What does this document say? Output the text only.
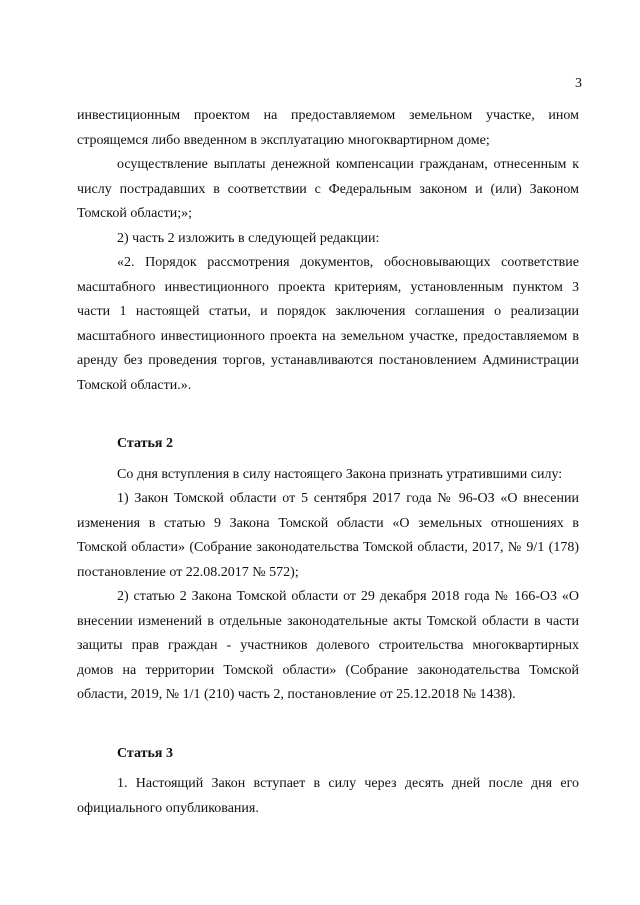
3

инвестиционным проектом на предоставляемом земельном участке, ином строящемся либо введенном в эксплуатацию многоквартирном доме;

осуществление выплаты денежной компенсации гражданам, отнесенным к числу пострадавших в соответствии с Федеральным законом и (или) Законом Томской области;»;

2) часть 2 изложить в следующей редакции:

«2. Порядок рассмотрения документов, обосновывающих соответствие масштабного инвестиционного проекта критериям, установленным пунктом 3 части 1 настоящей статьи, и порядок заключения соглашения о реализации масштабного инвестиционного проекта на земельном участке, предоставляемом в аренду без проведения торгов, устанавливаются постановлением Администрации Томской области.».

Статья 2

Со дня вступления в силу настоящего Закона признать утратившими силу:

1) Закон Томской области от 5 сентября 2017 года № 96-ОЗ «О внесении изменения в статью 9 Закона Томской области «О земельных отношениях в Томской области» (Собрание законодательства Томской области, 2017, № 9/1 (178) постановление от 22.08.2017 № 572);

2) статью 2 Закона Томской области от 29 декабря 2018 года № 166-ОЗ «О внесении изменений в отдельные законодательные акты Томской области в части защиты прав граждан - участников долевого строительства многоквартирных домов на территории Томской области» (Собрание законодательства Томской области, 2019, № 1/1 (210) часть 2, постановление от 25.12.2018 № 1438).

Статья 3

1. Настоящий Закон вступает в силу через десять дней после дня его официального опубликования.
